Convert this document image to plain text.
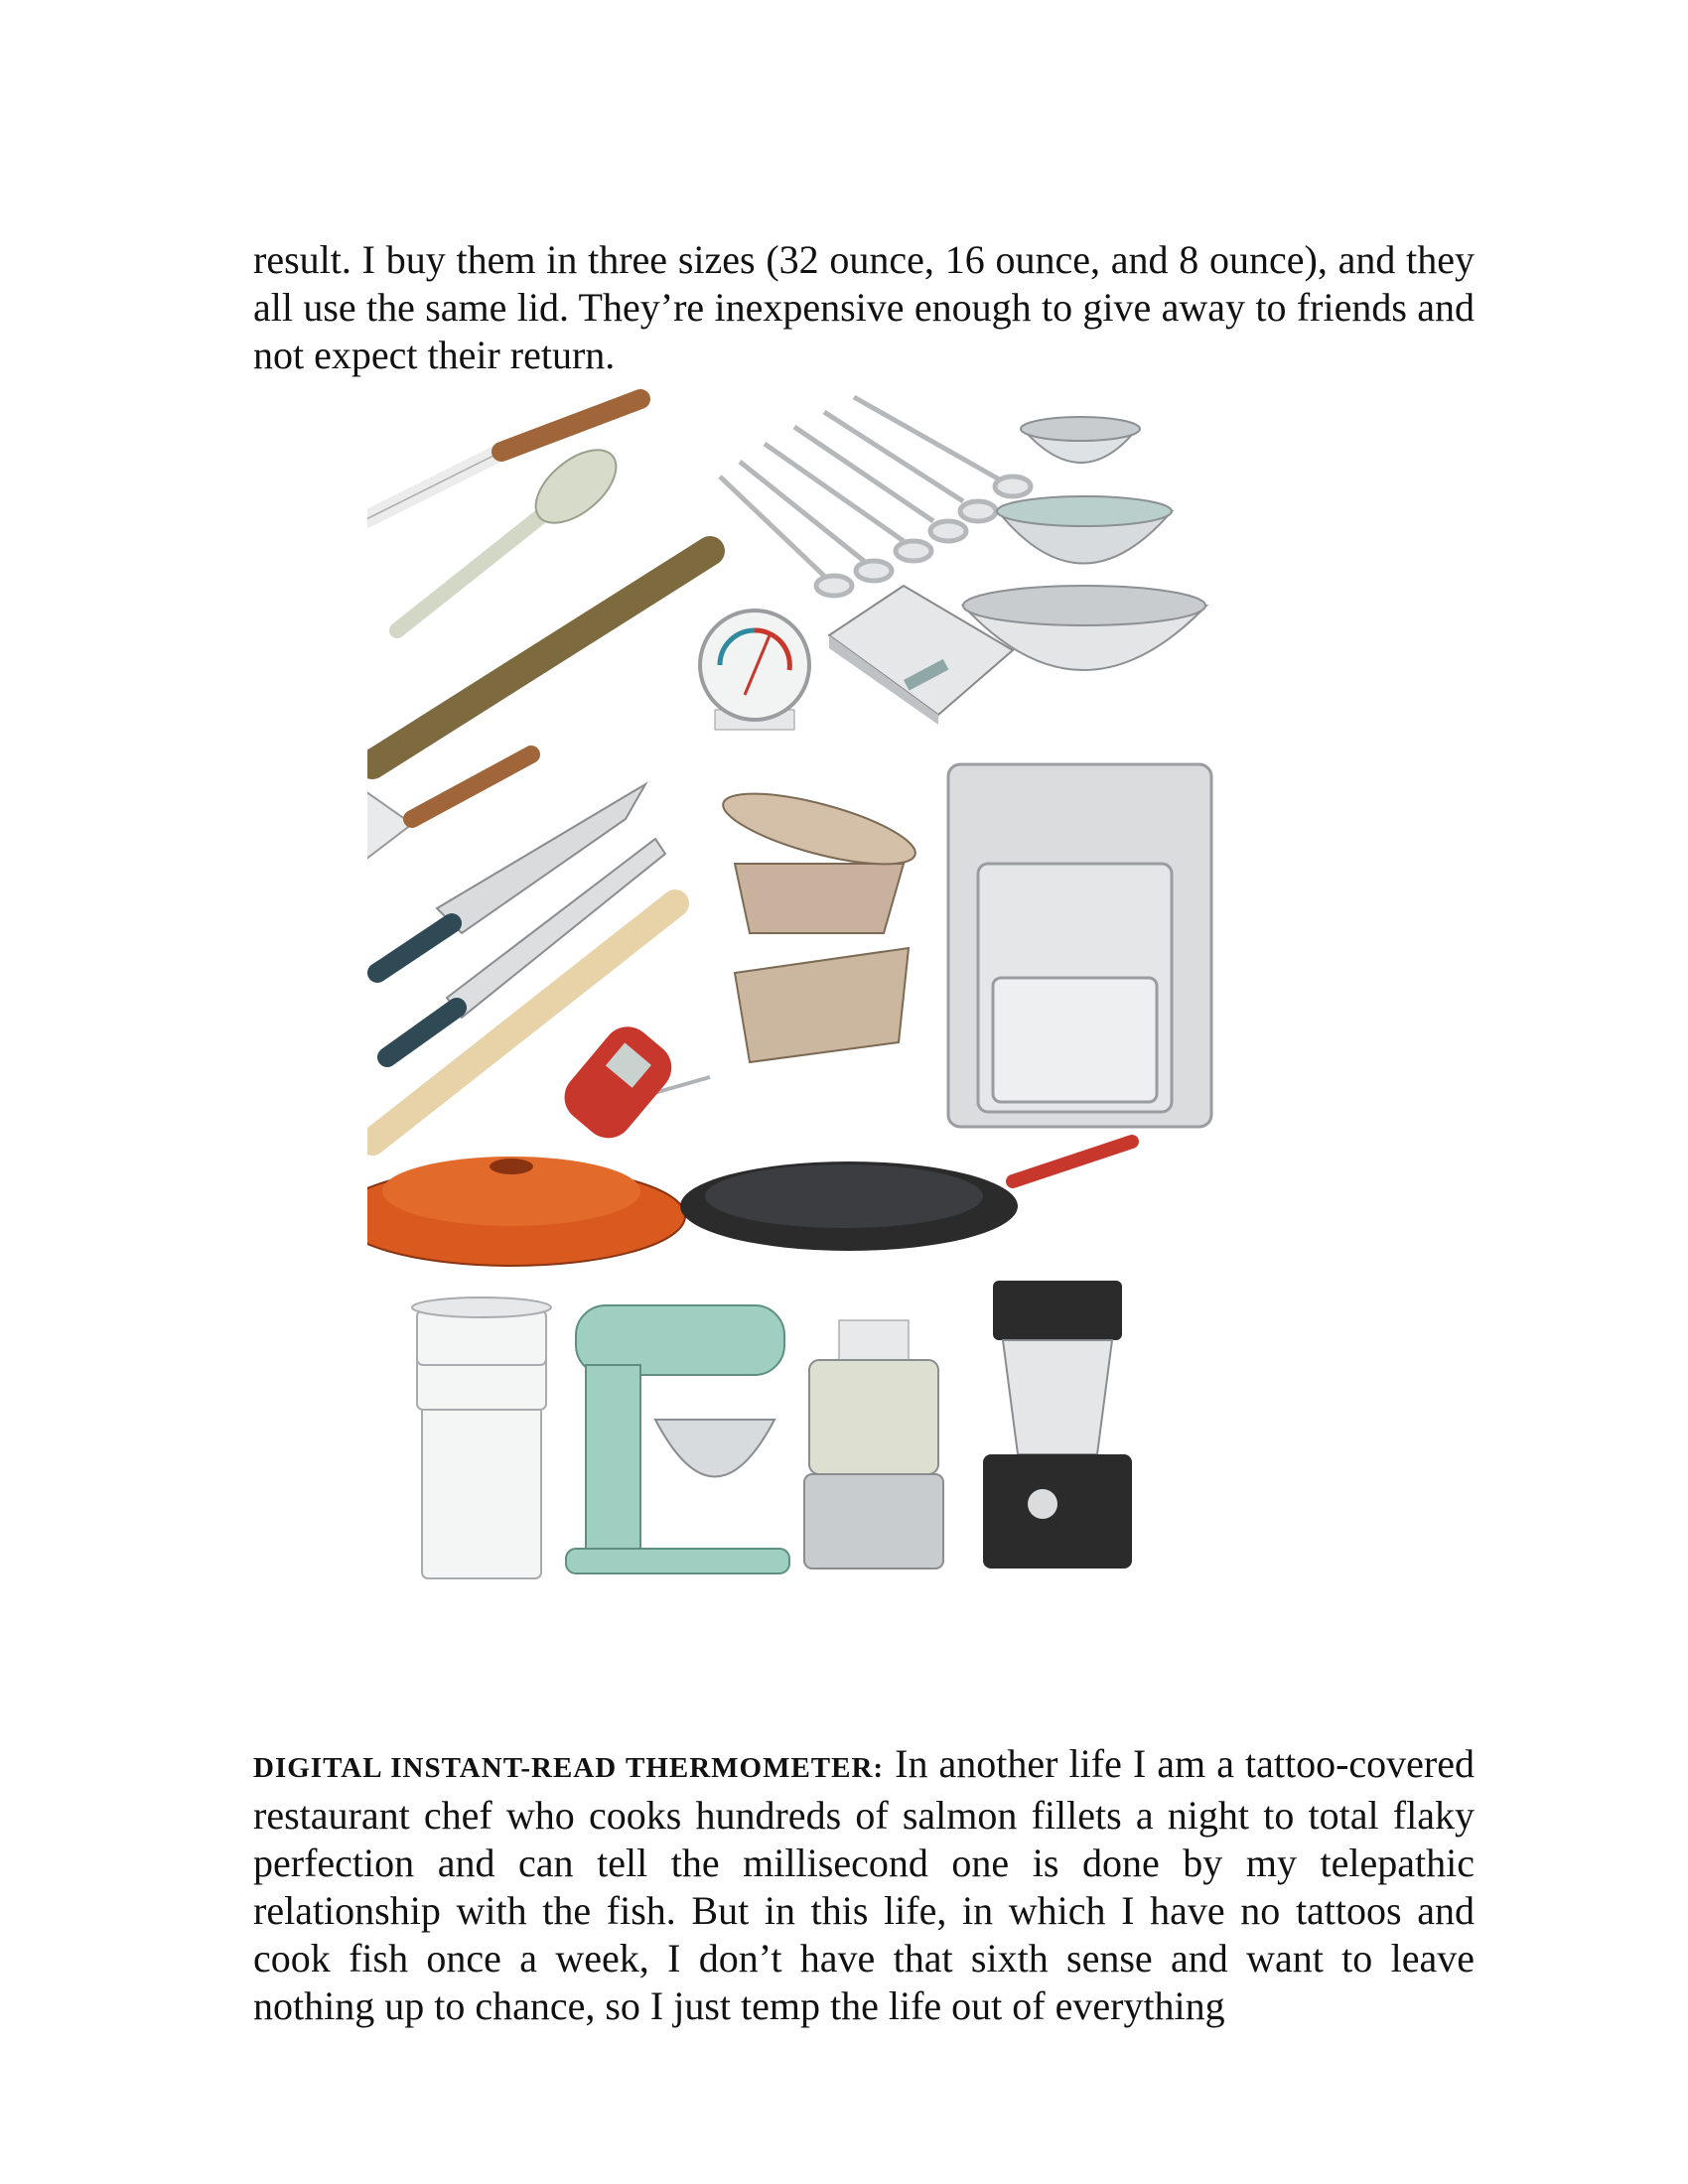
result. I buy them in three sizes (32 ounce, 16 ounce, and 8 ounce), and they all use the same lid. They’re inexpensive enough to give away to friends and not expect their return.

DIGITAL INSTANT-READ THERMOMETER: In another life I am a tattoo-covered restaurant chef who cooks hundreds of salmon fillets a night to total flaky perfection and can tell the millisecond one is done by my telepathic relationship with the fish. But in this life, in which I have no tattoos and cook fish once a week, I don’t have that sixth sense and want to leave nothing up to chance, so I just temp the life out of everything
